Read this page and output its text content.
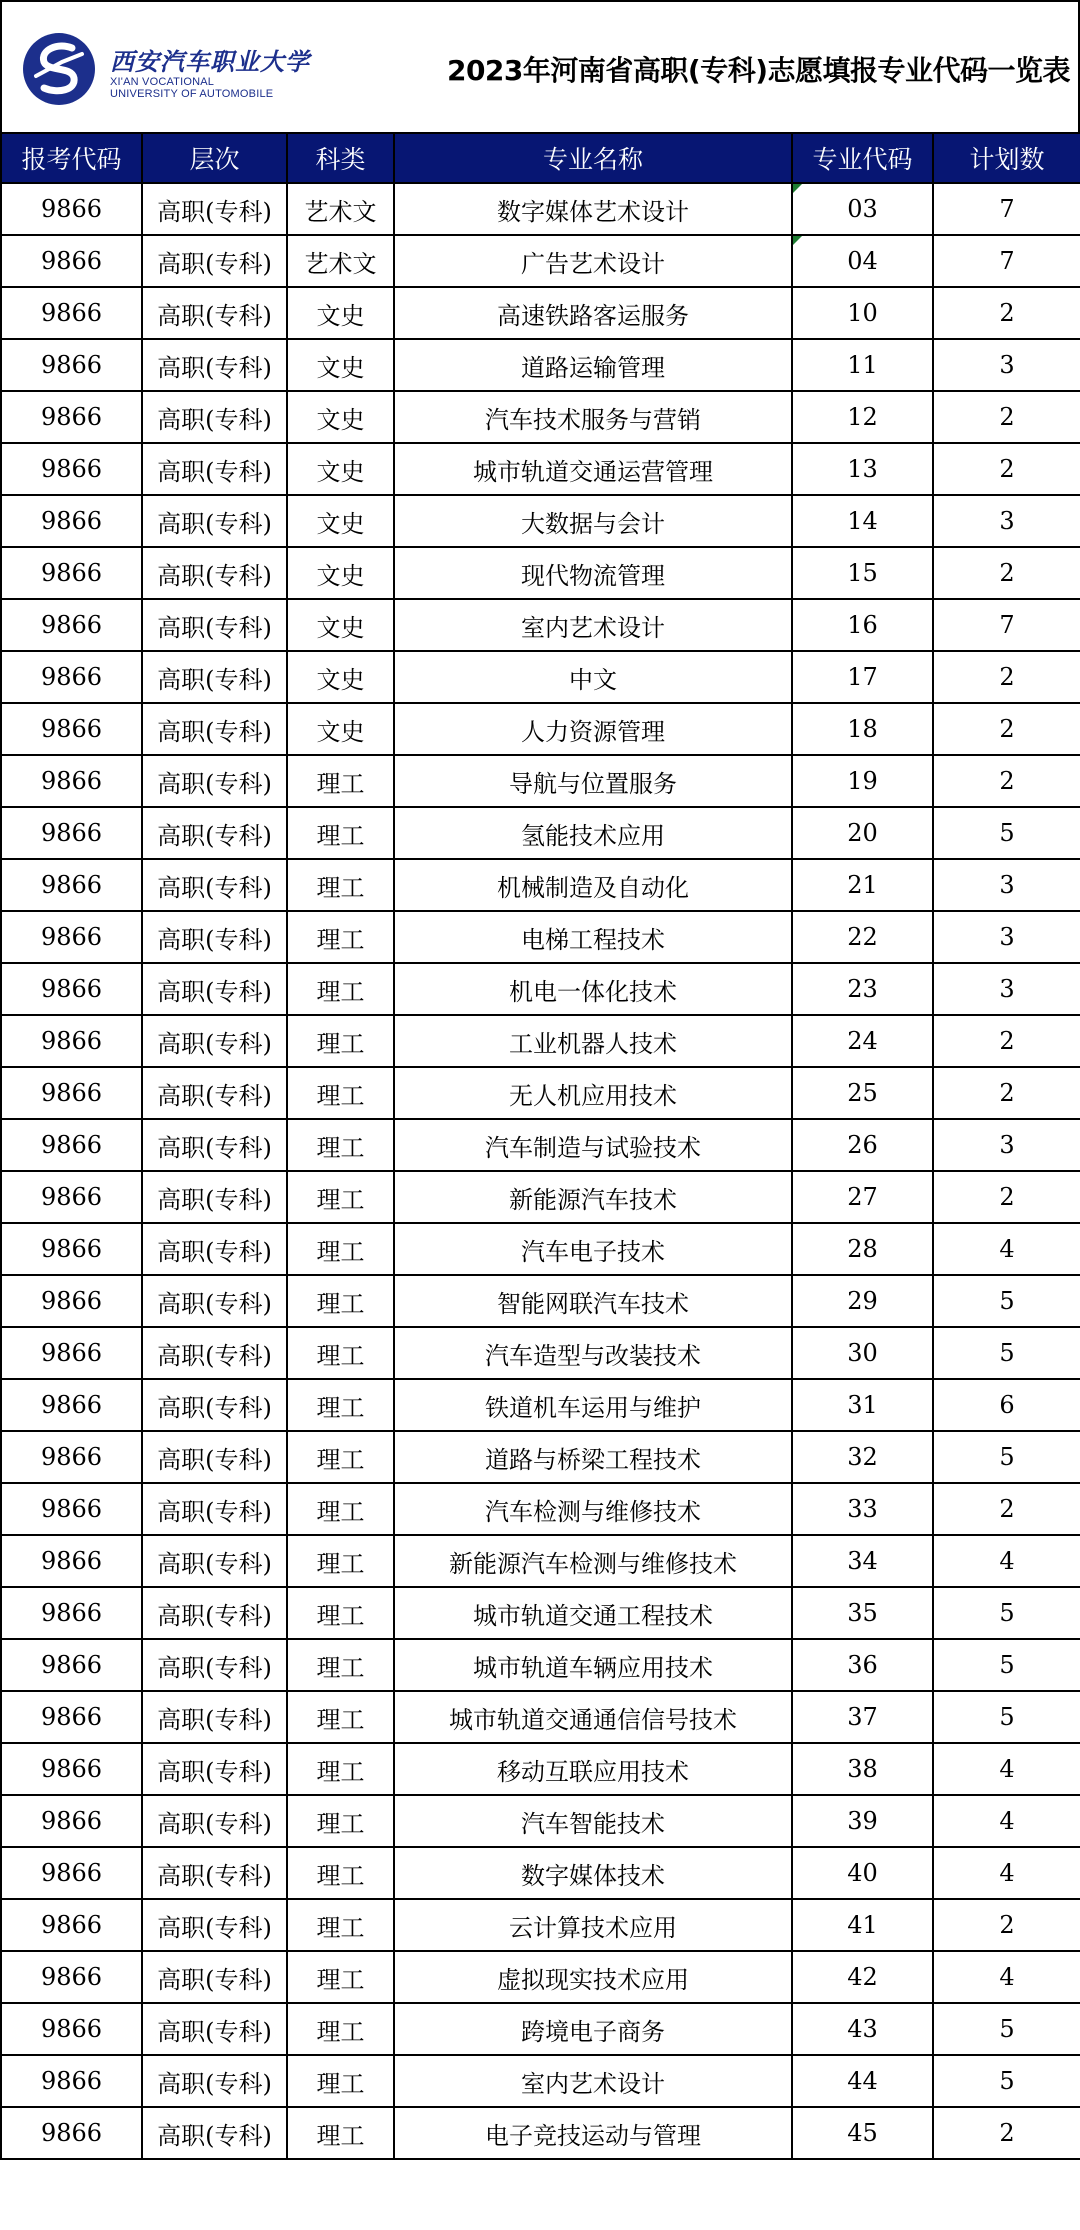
西安汽车职业大学
XI'AN VOCATIONAL
UNIVERSITY OF AUTOMOBILE
2023年河南省高职(专科)志愿填报专业代码一览表
报考代码	层次	科类	专业名称	专业代码	计划数
9866	高职(专科)	艺术文	数字媒体艺术设计	03	7
9866	高职(专科)	艺术文	广告艺术设计	04	7
9866	高职(专科)	文史	高速铁路客运服务	10	2
9866	高职(专科)	文史	道路运输管理	11	3
9866	高职(专科)	文史	汽车技术服务与营销	12	2
9866	高职(专科)	文史	城市轨道交通运营管理	13	2
9866	高职(专科)	文史	大数据与会计	14	3
9866	高职(专科)	文史	现代物流管理	15	2
9866	高职(专科)	文史	室内艺术设计	16	7
9866	高职(专科)	文史	中文	17	2
9866	高职(专科)	文史	人力资源管理	18	2
9866	高职(专科)	理工	导航与位置服务	19	2
9866	高职(专科)	理工	氢能技术应用	20	5
9866	高职(专科)	理工	机械制造及自动化	21	3
9866	高职(专科)	理工	电梯工程技术	22	3
9866	高职(专科)	理工	机电一体化技术	23	3
9866	高职(专科)	理工	工业机器人技术	24	2
9866	高职(专科)	理工	无人机应用技术	25	2
9866	高职(专科)	理工	汽车制造与试验技术	26	3
9866	高职(专科)	理工	新能源汽车技术	27	2
9866	高职(专科)	理工	汽车电子技术	28	4
9866	高职(专科)	理工	智能网联汽车技术	29	5
9866	高职(专科)	理工	汽车造型与改装技术	30	5
9866	高职(专科)	理工	铁道机车运用与维护	31	6
9866	高职(专科)	理工	道路与桥梁工程技术	32	5
9866	高职(专科)	理工	汽车检测与维修技术	33	2
9866	高职(专科)	理工	新能源汽车检测与维修技术	34	4
9866	高职(专科)	理工	城市轨道交通工程技术	35	5
9866	高职(专科)	理工	城市轨道车辆应用技术	36	5
9866	高职(专科)	理工	城市轨道交通通信信号技术	37	5
9866	高职(专科)	理工	移动互联应用技术	38	4
9866	高职(专科)	理工	汽车智能技术	39	4
9866	高职(专科)	理工	数字媒体技术	40	4
9866	高职(专科)	理工	云计算技术应用	41	2
9866	高职(专科)	理工	虚拟现实技术应用	42	4
9866	高职(专科)	理工	跨境电子商务	43	5
9866	高职(专科)	理工	室内艺术设计	44	5
9866	高职(专科)	理工	电子竞技运动与管理	45	2
